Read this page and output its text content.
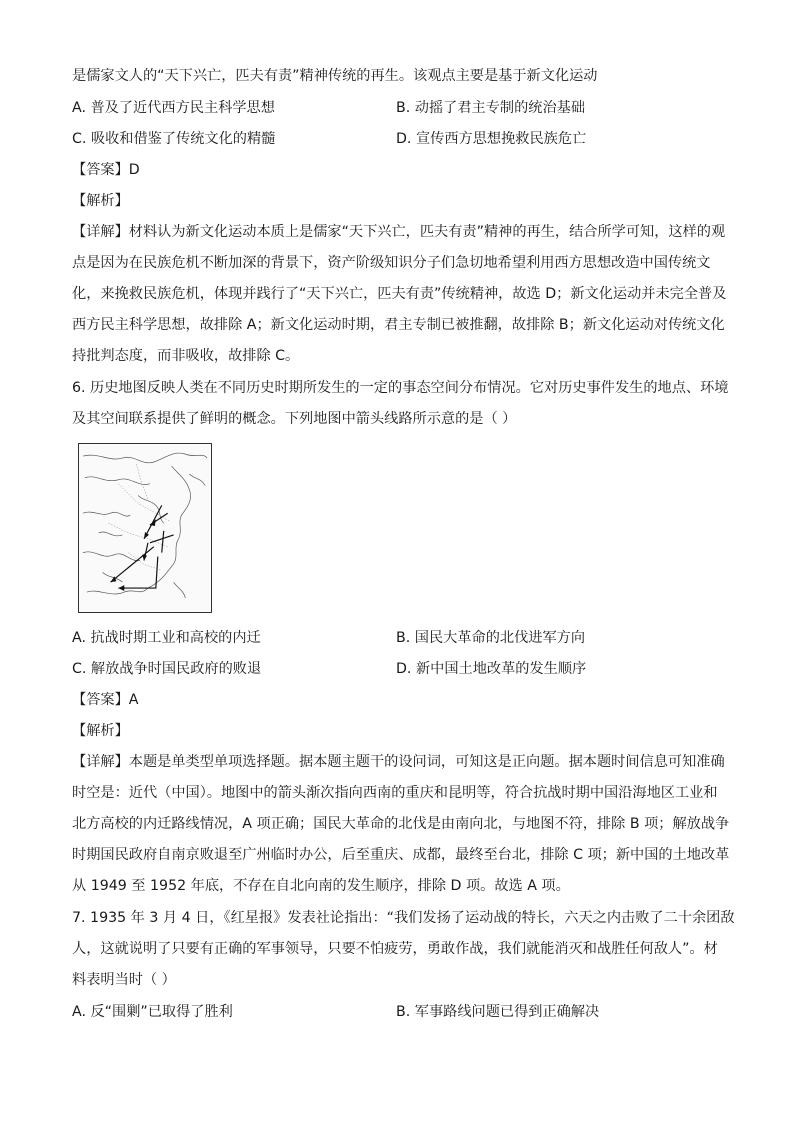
是儒家文人的“天下兴亡，匹夫有责”精神传统的再生。该观点主要是基于新文化运动
A. 普及了近代西方民主科学思想	B. 动摇了君主专制的统治基础
C. 吸收和借鉴了传统文化的精髓	D. 宣传西方思想挽救民族危亡
【答案】D
【解析】
【详解】材料认为新文化运动本质上是儒家“天下兴亡，匹夫有责”精神的再生，结合所学可知，这样的观
点是因为在民族危机不断加深的背景下，资产阶级知识分子们急切地希望利用西方思想改造中国传统文
化，来挽救民族危机，体现并践行了“天下兴亡，匹夫有责”传统精神，故选 D；新文化运动并未完全普及
西方民主科学思想，故排除 A；新文化运动时期，君主专制已被推翻，故排除 B；新文化运动对传统文化
持批判态度，而非吸收，故排除 C。
6. 历史地图反映人类在不同历史时期所发生的一定的事态空间分布情况。它对历史事件发生的地点、环境
及其空间联系提供了鲜明的概念。下列地图中箭头线路所示意的是（ ）
A. 抗战时期工业和高校的内迁	B. 国民大革命的北伐进军方向
C. 解放战争时国民政府的败退	D. 新中国土地改革的发生顺序
【答案】A
【解析】
【详解】本题是单类型单项选择题。据本题主题干的设问词，可知这是正向题。据本题时间信息可知准确
时空是：近代（中国）。地图中的箭头渐次指向西南的重庆和昆明等，符合抗战时期中国沿海地区工业和
北方高校的内迁路线情况，A 项正确；国民大革命的北伐是由南向北，与地图不符，排除 B 项；解放战争
时期国民政府自南京败退至广州临时办公，后至重庆、成都，最终至台北，排除 C 项；新中国的土地改革
从 1949 至 1952 年底，不存在自北向南的发生顺序，排除 D 项。故选 A 项。
7. 1935 年 3 月 4 日，《红星报》发表社论指出：“我们发扬了运动战的特长，六天之内击败了二十余团敌
人，这就说明了只要有正确的军事领导，只要不怕疲劳，勇敢作战，我们就能消灭和战胜任何敌人”。材
料表明当时（ ）
A. 反“围剿”已取得了胜利	B. 军事路线问题已得到正确解决
